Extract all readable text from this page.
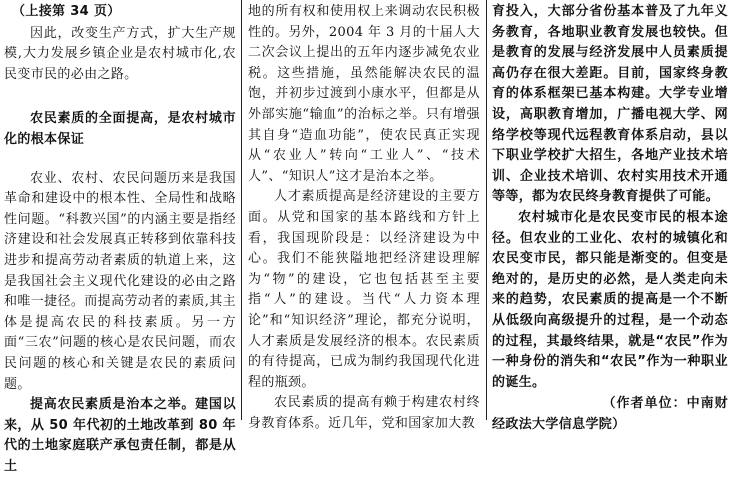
（上接第 34 页）

因此，改变生产方式，扩大生产规模,大力发展乡镇企业是农村城市化,农民变市民的必由之路。

农民素质的全面提高，是农村城市化的根本保证

农业、农村、农民问题历来是我国革命和建设中的根本性、全局性和战略性问题。“科教兴国”的内涵主要是指经济建设和社会发展真正转移到依靠科技进步和提高劳动者素质的轨道上来，这是我国社会主义现代化建设的必由之路和唯一捷径。而提高劳动者的素质,其主体是提高农民的科技素质。另一方面“三农”问题的核心是农民问题，而农民问题的核心和关键是农民的素质问题。

提高农民素质是治本之举。建国以来，从 50 年代初的土地改革到 80 年代的土地家庭联产承包责任制，都是从土

地的所有权和使用权上来调动农民积极性的。另外，2004 年 3 月的十届人大二次会议上提出的五年内逐步减免农业税。这些措施，虽然能解决农民的温饱，并初步过渡到小康水平，但都是从外部实施“输血”的治标之举。只有增强其自身“造血功能”，使农民真正实现从“农业人”转向“工业人”、“技术人”、“知识人”这才是治本之举。

人才素质提高是经济建设的主要方面。从党和国家的基本路线和方针上看，我国现阶段是：以经济建设为中心。我们不能狭隘地把经济建设理解为“物”的建设，它也包括甚至主要指“人”的建设。当代“人力资本理论”和“知识经济”理论，都充分说明，人才素质是发展经济的根本。农民素质的有待提高，已成为制约我国现代化进程的瓶颈。

农民素质的提高有赖于构建农村终身教育体系。近几年，党和国家加大教

育投入，大部分省份基本普及了九年义务教育，各地职业教育发展也较快。但是教育的发展与经济发展中人员素质提高仍存在很大差距。目前，国家终身教育的体系框架已基本构建。大学专业增设，高职教育增加，广播电视大学、网络学校等现代远程教育体系启动，县以下职业学校扩大招生，各地产业技术培训、企业技术培训、农村实用技术开通等等，都为农民终身教育提供了可能。

农村城市化是农民变市民的根本途径。但农业的工业化、农村的城镇化和农民变市民，都只能是渐变的。但变是绝对的，是历史的必然，是人类走向未来的趋势，农民素质的提高是一个不断从低级向高级提升的过程，是一个动态的过程，其最终结果，就是“农民”作为一种身份的消失和“农民”作为一种职业的诞生。

（作者单位：中南财经政法大学信息学院）
